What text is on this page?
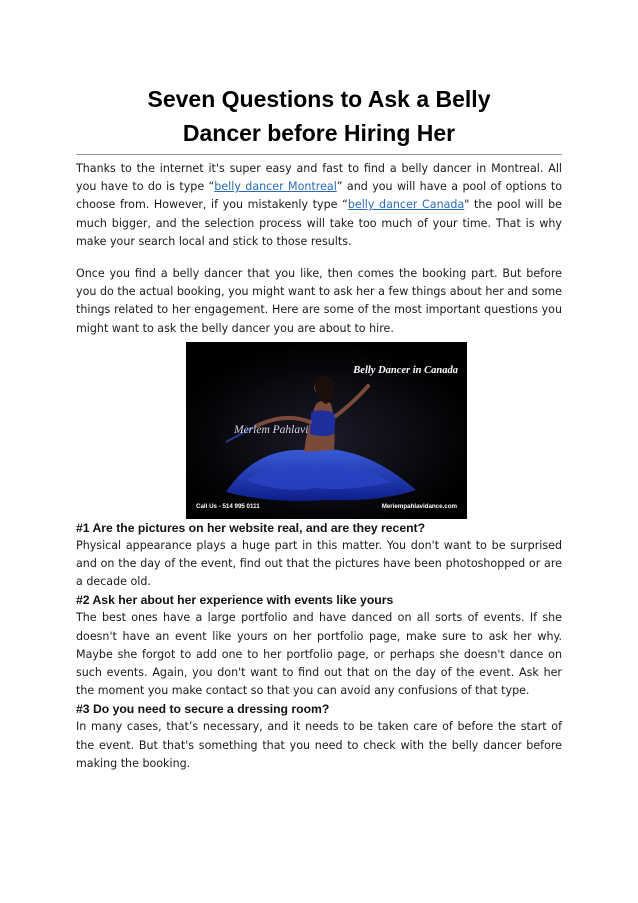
Seven Questions to Ask a Belly
Dancer before Hiring Her

Thanks to the internet it's super easy and fast to find a belly dancer in Montreal. All you have to do is type “belly dancer Montreal” and you will have a pool of options to choose from. However, if you mistakenly type “belly dancer Canada" the pool will be much bigger, and the selection process will take too much of your time. That is why make your search local and stick to those results.

Once you find a belly dancer that you like, then comes the booking part. But before you do the actual booking, you might want to ask her a few things about her and some things related to her engagement. Here are some of the most important questions you might want to ask the belly dancer you are about to hire.

Belly Dancer in Canada
Meriem Pahlavi
Call Us - 514 995 0111	Meriempahlavidance.com
#1 Are the pictures on her website real, and are they recent?

Physical appearance plays a huge part in this matter. You don't want to be surprised and on the day of the event, find out that the pictures have been photoshopped or are a decade old.

#2 Ask her about her experience with events like yours

The best ones have a large portfolio and have danced on all sorts of events. If she doesn't have an event like yours on her portfolio page, make sure to ask her why. Maybe she forgot to add one to her portfolio page, or perhaps she doesn't dance on such events. Again, you don't want to find out that on the day of the event. Ask her the moment you make contact so that you can avoid any confusions of that type.

#3 Do you need to secure a dressing room?

In many cases, that’s necessary, and it needs to be taken care of before the start of the event. But that's something that you need to check with the belly dancer before making the booking.
